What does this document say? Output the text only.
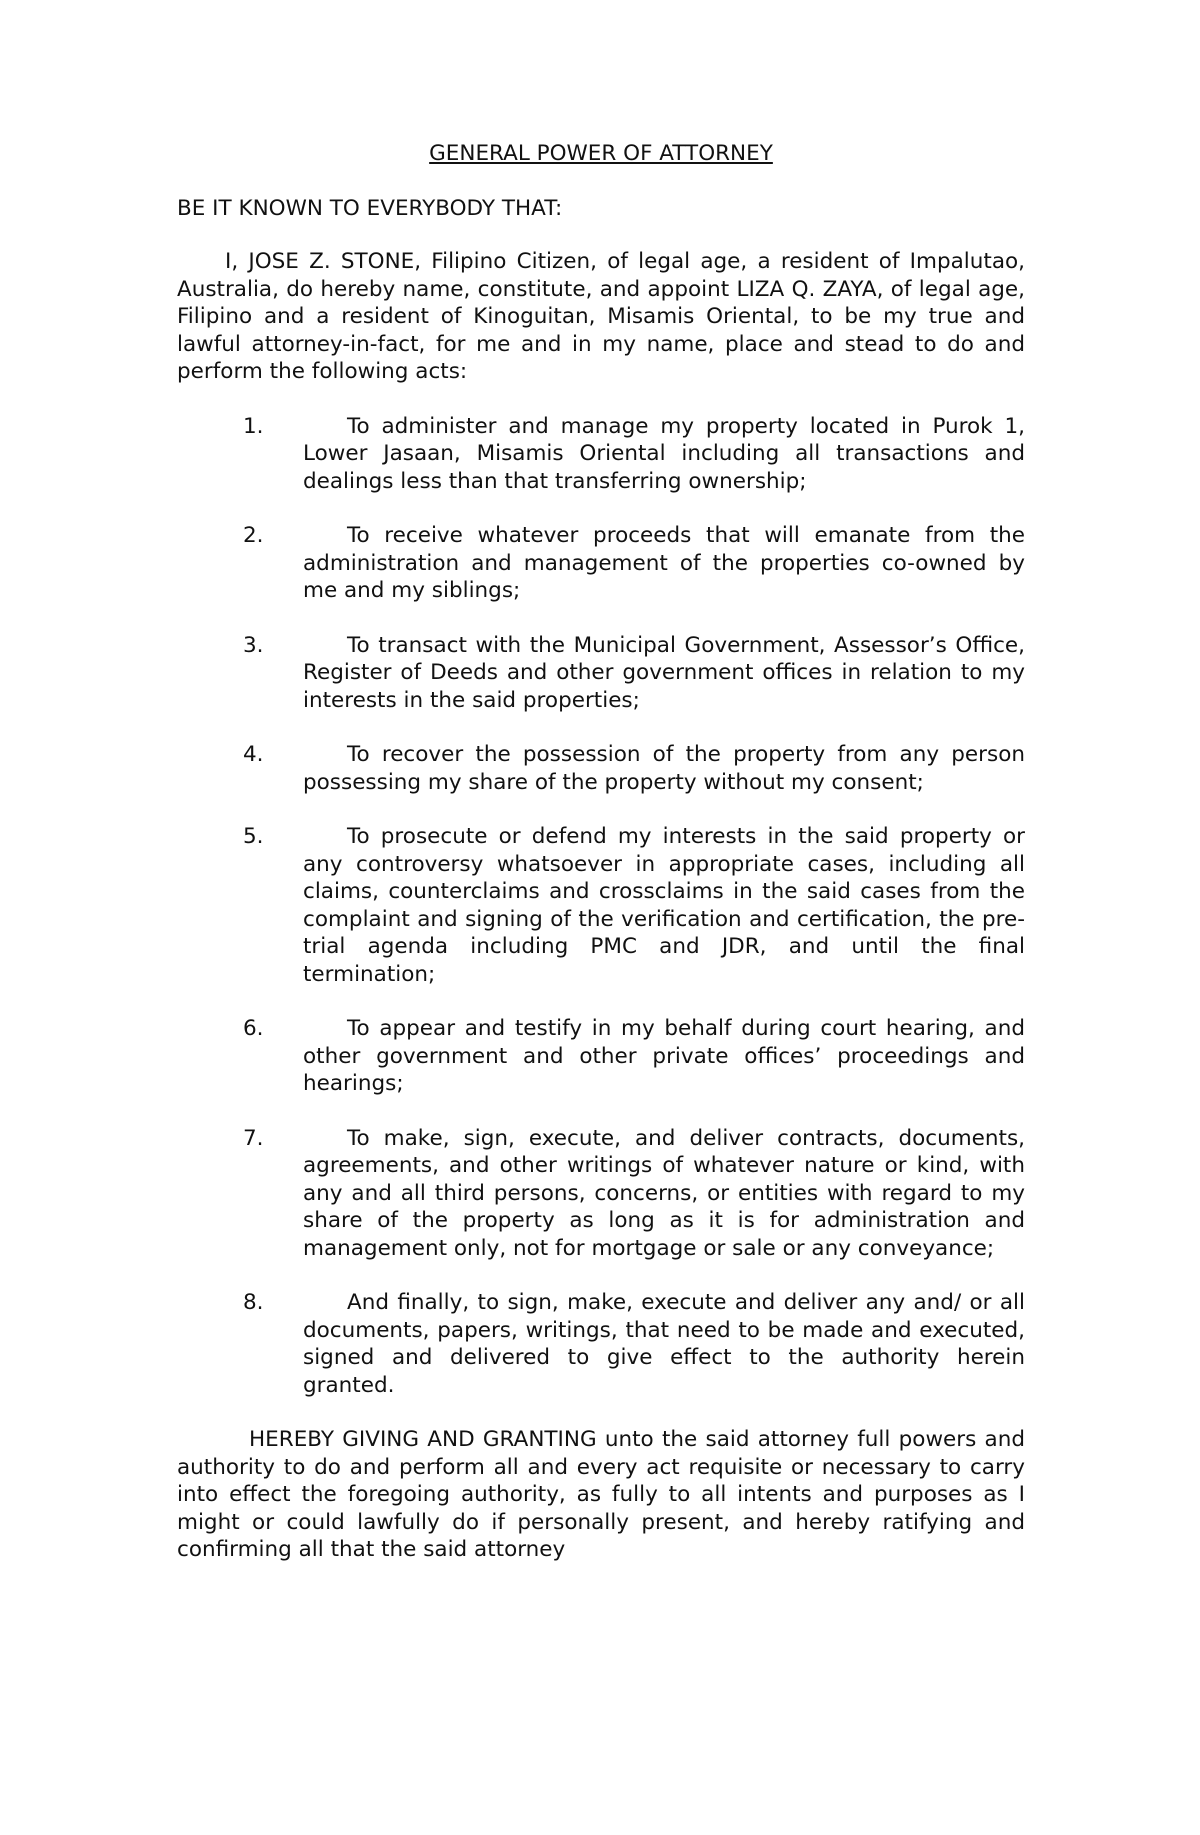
GENERAL POWER OF ATTORNEY

BE IT KNOWN TO EVERYBODY THAT:

I, JOSE Z. STONE, Filipino Citizen, of legal age, a resident of Impalutao, Australia, do hereby name, constitute, and appoint LIZA Q. ZAYA, of legal age, Filipino and a resident of Kinoguitan, Misamis Oriental, to be my true and lawful attorney-in-fact, for me and in my name, place and stead to do and perform the following acts:

1.	To administer and manage my property located in Purok 1, Lower Jasaan, Misamis Oriental including all transactions and dealings less than that transferring ownership;
2.	To receive whatever proceeds that will emanate from the administration and management of the properties co-owned by me and my siblings;
3.	To transact with the Municipal Government, Assessor’s Office, Register of Deeds and other government offices in relation to my interests in the said properties;
4.	To recover the possession of the property from any person possessing my share of the property without my consent;
5.	To prosecute or defend my interests in the said property or any controversy whatsoever in appropriate cases, including all claims, counterclaims and crossclaims in the said cases from the complaint and signing of the verification and certification, the pre-trial agenda including PMC and JDR, and until the final termination;
6.	To appear and testify in my behalf during court hearing, and other government and other private offices’ proceedings and hearings;
7.	To make, sign, execute, and deliver contracts, documents, agreements, and other writings of whatever nature or kind, with any and all third persons, concerns, or entities with regard to my share of the property as long as it is for administration and management only, not for mortgage or sale or any conveyance;
8.	And finally, to sign, make, execute and deliver any and/ or all documents, papers, writings, that need to be made and executed, signed and delivered to give effect to the authority herein granted.

HEREBY GIVING AND GRANTING unto the said attorney full powers and authority to do and perform all and every act requisite or necessary to carry into effect the foregoing authority, as fully to all intents and purposes as I might or could lawfully do if personally present, and hereby ratifying and confirming all that the said attorney
